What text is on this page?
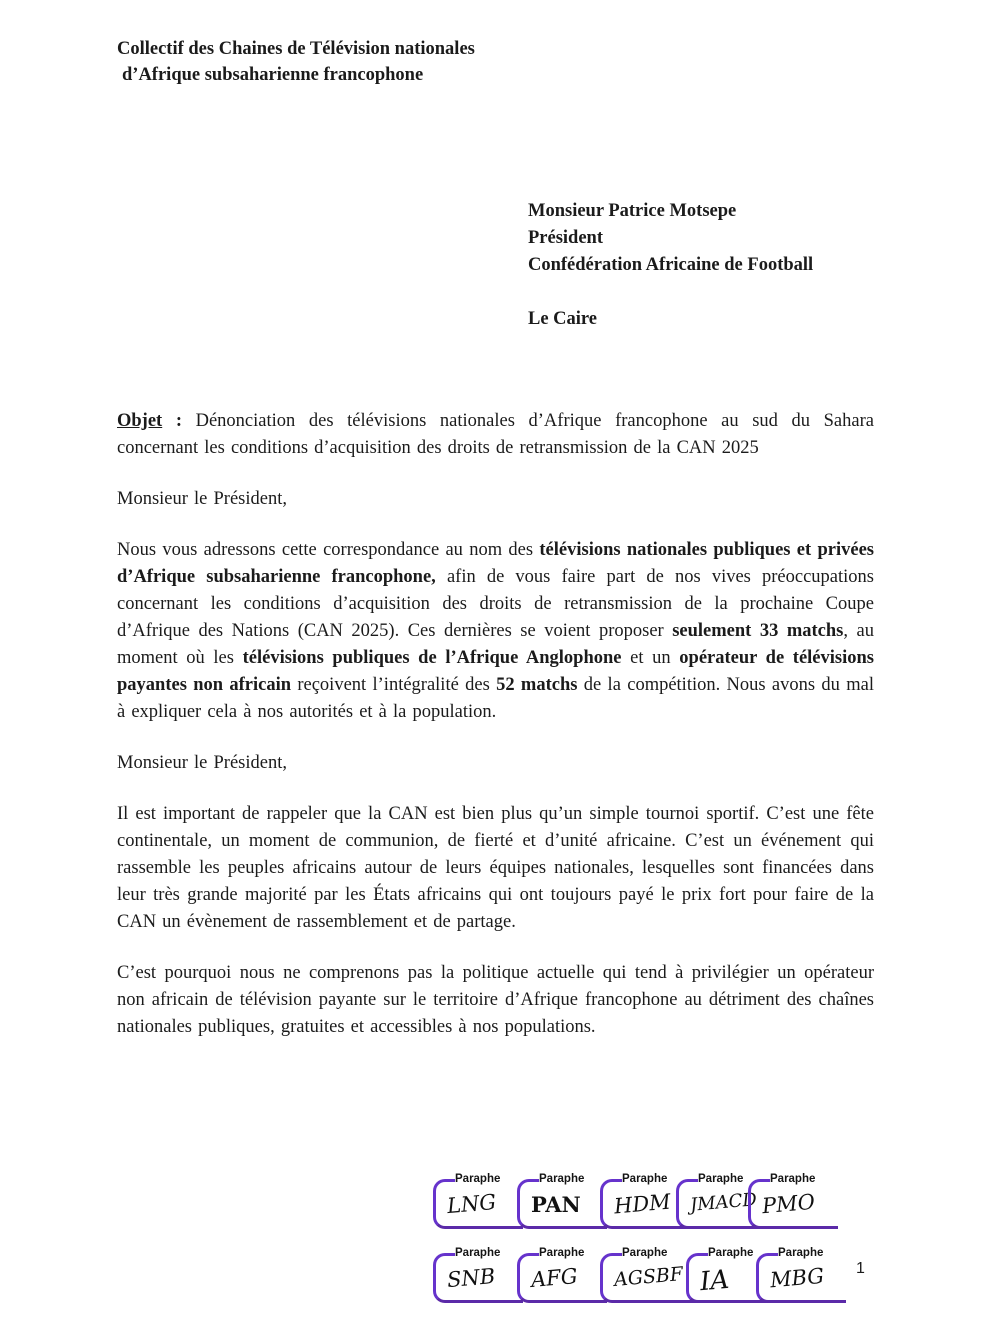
Collectif des Chaines de Télévision nationales
d’Afrique subsaharienne francophone
Monsieur Patrice Motsepe
Président
Confédération Africaine de Football
Le Caire

Objet : Dénonciation des télévisions nationales d’Afrique francophone au sud du Sahara concernant les conditions d’acquisition des droits de retransmission de la CAN 2025

Monsieur le Président,

Nous vous adressons cette correspondance au nom des télévisions nationales publiques et privées d’Afrique subsaharienne francophone, afin de vous faire part de nos vives préoccupations concernant les conditions d’acquisition des droits de retransmission de la prochaine Coupe d’Afrique des Nations (CAN 2025). Ces dernières se voient proposer seulement 33 matchs, au moment où les télévisions publiques de l’Afrique Anglophone et un opérateur de télévisions payantes non africain reçoivent l’intégralité des 52 matchs de la compétition. Nous avons du mal à expliquer cela à nos autorités et à la population.

Monsieur le Président,

Il est important de rappeler que la CAN est bien plus qu’un simple tournoi sportif. C’est une fête continentale, un moment de communion, de fierté et d’unité africaine. C’est un événement qui rassemble les peuples africains autour de leurs équipes nationales, lesquelles sont financées dans leur très grande majorité par les États africains qui ont toujours payé le prix fort pour faire de la CAN un évènement de rassemblement et de partage.

C’est pourquoi nous ne comprenons pas la politique actuelle qui tend à privilégier un opérateur non africain de télévision payante sur le territoire d’Afrique francophone au détriment des chaînes nationales publiques, gratuites et accessibles à nos populations.

Paraphe
LNG
Paraphe
PAN
Paraphe
HDM
Paraphe
JMACD
Paraphe
PMO
Paraphe
SNB
Paraphe
AFG
Paraphe
AGSBF
Paraphe
IA
Paraphe
MBG 1
